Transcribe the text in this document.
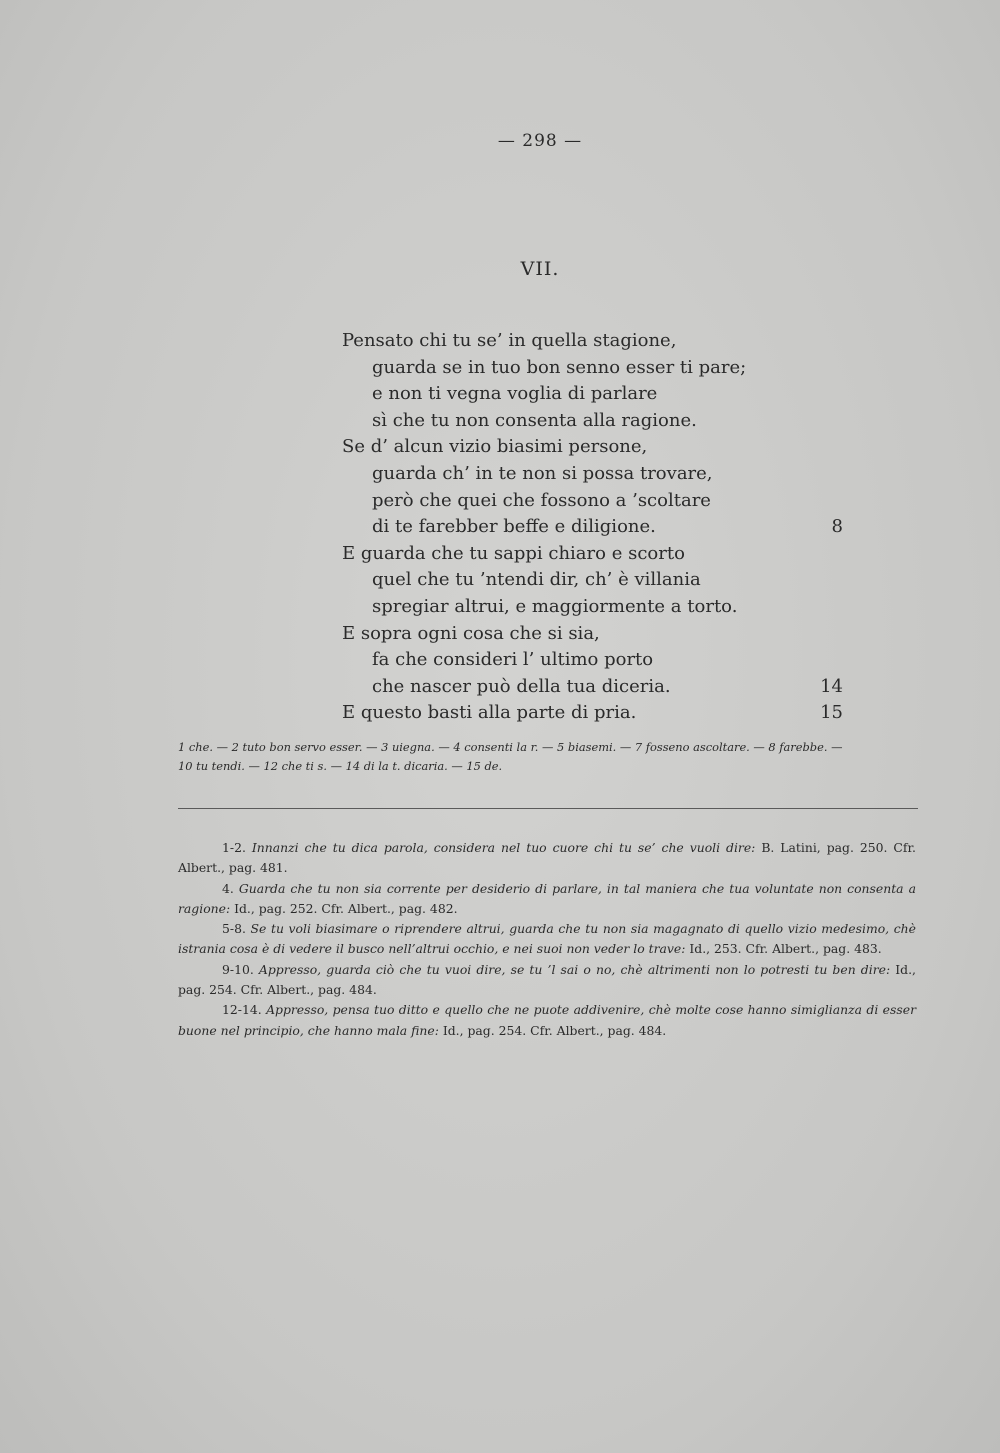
— 298 —
VII.
Pensato chi tu se’ in quella stagione,
guarda se in tuo bon senno esser ti pare;
e non ti vegna voglia di parlare
sì che tu non consenta alla ragione.
Se d’ alcun vizio biasimi persone,
guarda ch’ in te non si possa trovare,
però che quei che fossono a ’scoltare
di te farebber beffe e diligione.	8
E guarda che tu sappi chiaro e scorto
quel che tu ’ntendi dir, ch’ è villania
spregiar altrui, e maggiormente a torto.
E sopra ogni cosa che si sia,
fa che consideri l’ ultimo porto
che nascer può della tua diceria.	14
E questo basti alla parte di pria.	15
1 che. — 2 tuto bon servo esser. — 3 uiegna. — 4 consenti la r. — 5 biasemi. — 7 fosseno ascoltare. — 8 farebbe. —
10 tu tendi. — 12 che ti s. — 14 di la t. dicaria. — 15 de.

1-2. Innanzi che tu dica parola, considera nel tuo cuore chi tu se’ che vuoli dire: B. Latini, pag. 250. Cfr. Albert., pag. 481.

4. Guarda che tu non sia corrente per desiderio di parlare, in tal maniera che tua voluntate non consenta a ragione: Id., pag. 252. Cfr. Albert., pag. 482.

5-8. Se tu voli biasimare o riprendere altrui, guarda che tu non sia magagnato di quello vizio medesimo, chè istrania cosa è di vedere il busco nell’altrui occhio, e nei suoi non veder lo trave: Id., 253. Cfr. Albert., pag. 483.

9-10. Appresso, guarda ciò che tu vuoi dire, se tu ’l sai o no, chè altrimenti non lo potresti tu ben dire: Id., pag. 254. Cfr. Albert., pag. 484.

12-14. Appresso, pensa tuo ditto e quello che ne puote addivenire, chè molte cose hanno simiglianza di esser buone nel principio, che hanno mala fine: Id., pag. 254. Cfr. Albert., pag. 484.
